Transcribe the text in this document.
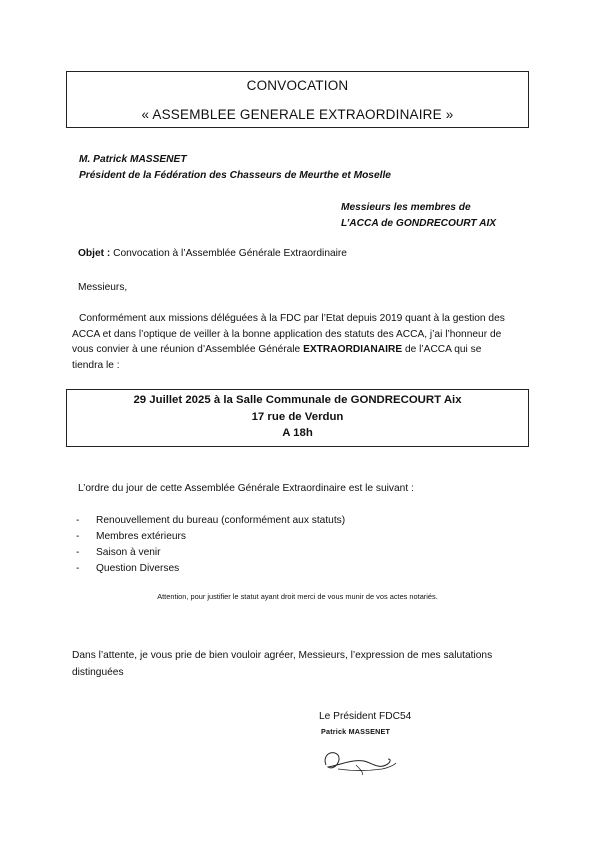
CONVOCATION
« ASSEMBLEE GENERALE EXTRAORDINAIRE »
M. Patrick MASSENET
Président de la Fédération des Chasseurs de Meurthe et Moselle
Messieurs les membres de
L’ACCA de GONDRECOURT AIX
Objet : Convocation à l’Assemblée Générale Extraordinaire
Messieurs,
Conformément aux missions déléguées à la FDC par l’Etat depuis 2019 quant à la gestion des ACCA et dans l’optique de veiller à la bonne application des statuts des ACCA, j’ai l’honneur de vous convier à une réunion d’Assemblée Générale EXTRAORDIANAIRE de l’ACCA qui se tiendra le :
29 Juillet 2025 à la Salle Communale de GONDRECOURT Aix
17 rue de Verdun
A 18h
L’ordre du jour de cette Assemblée Générale Extraordinaire est le suivant :
- Renouvellement du bureau (conformément aux statuts)
- Membres extérieurs
- Saison à venir
- Question Diverses
Attention, pour justifier le statut ayant droit merci de vous munir de vos actes notariés.
Dans l’attente, je vous prie de bien vouloir agréer, Messieurs, l’expression de mes salutations distinguées
Le Président FDC54
Patrick MASSENET
